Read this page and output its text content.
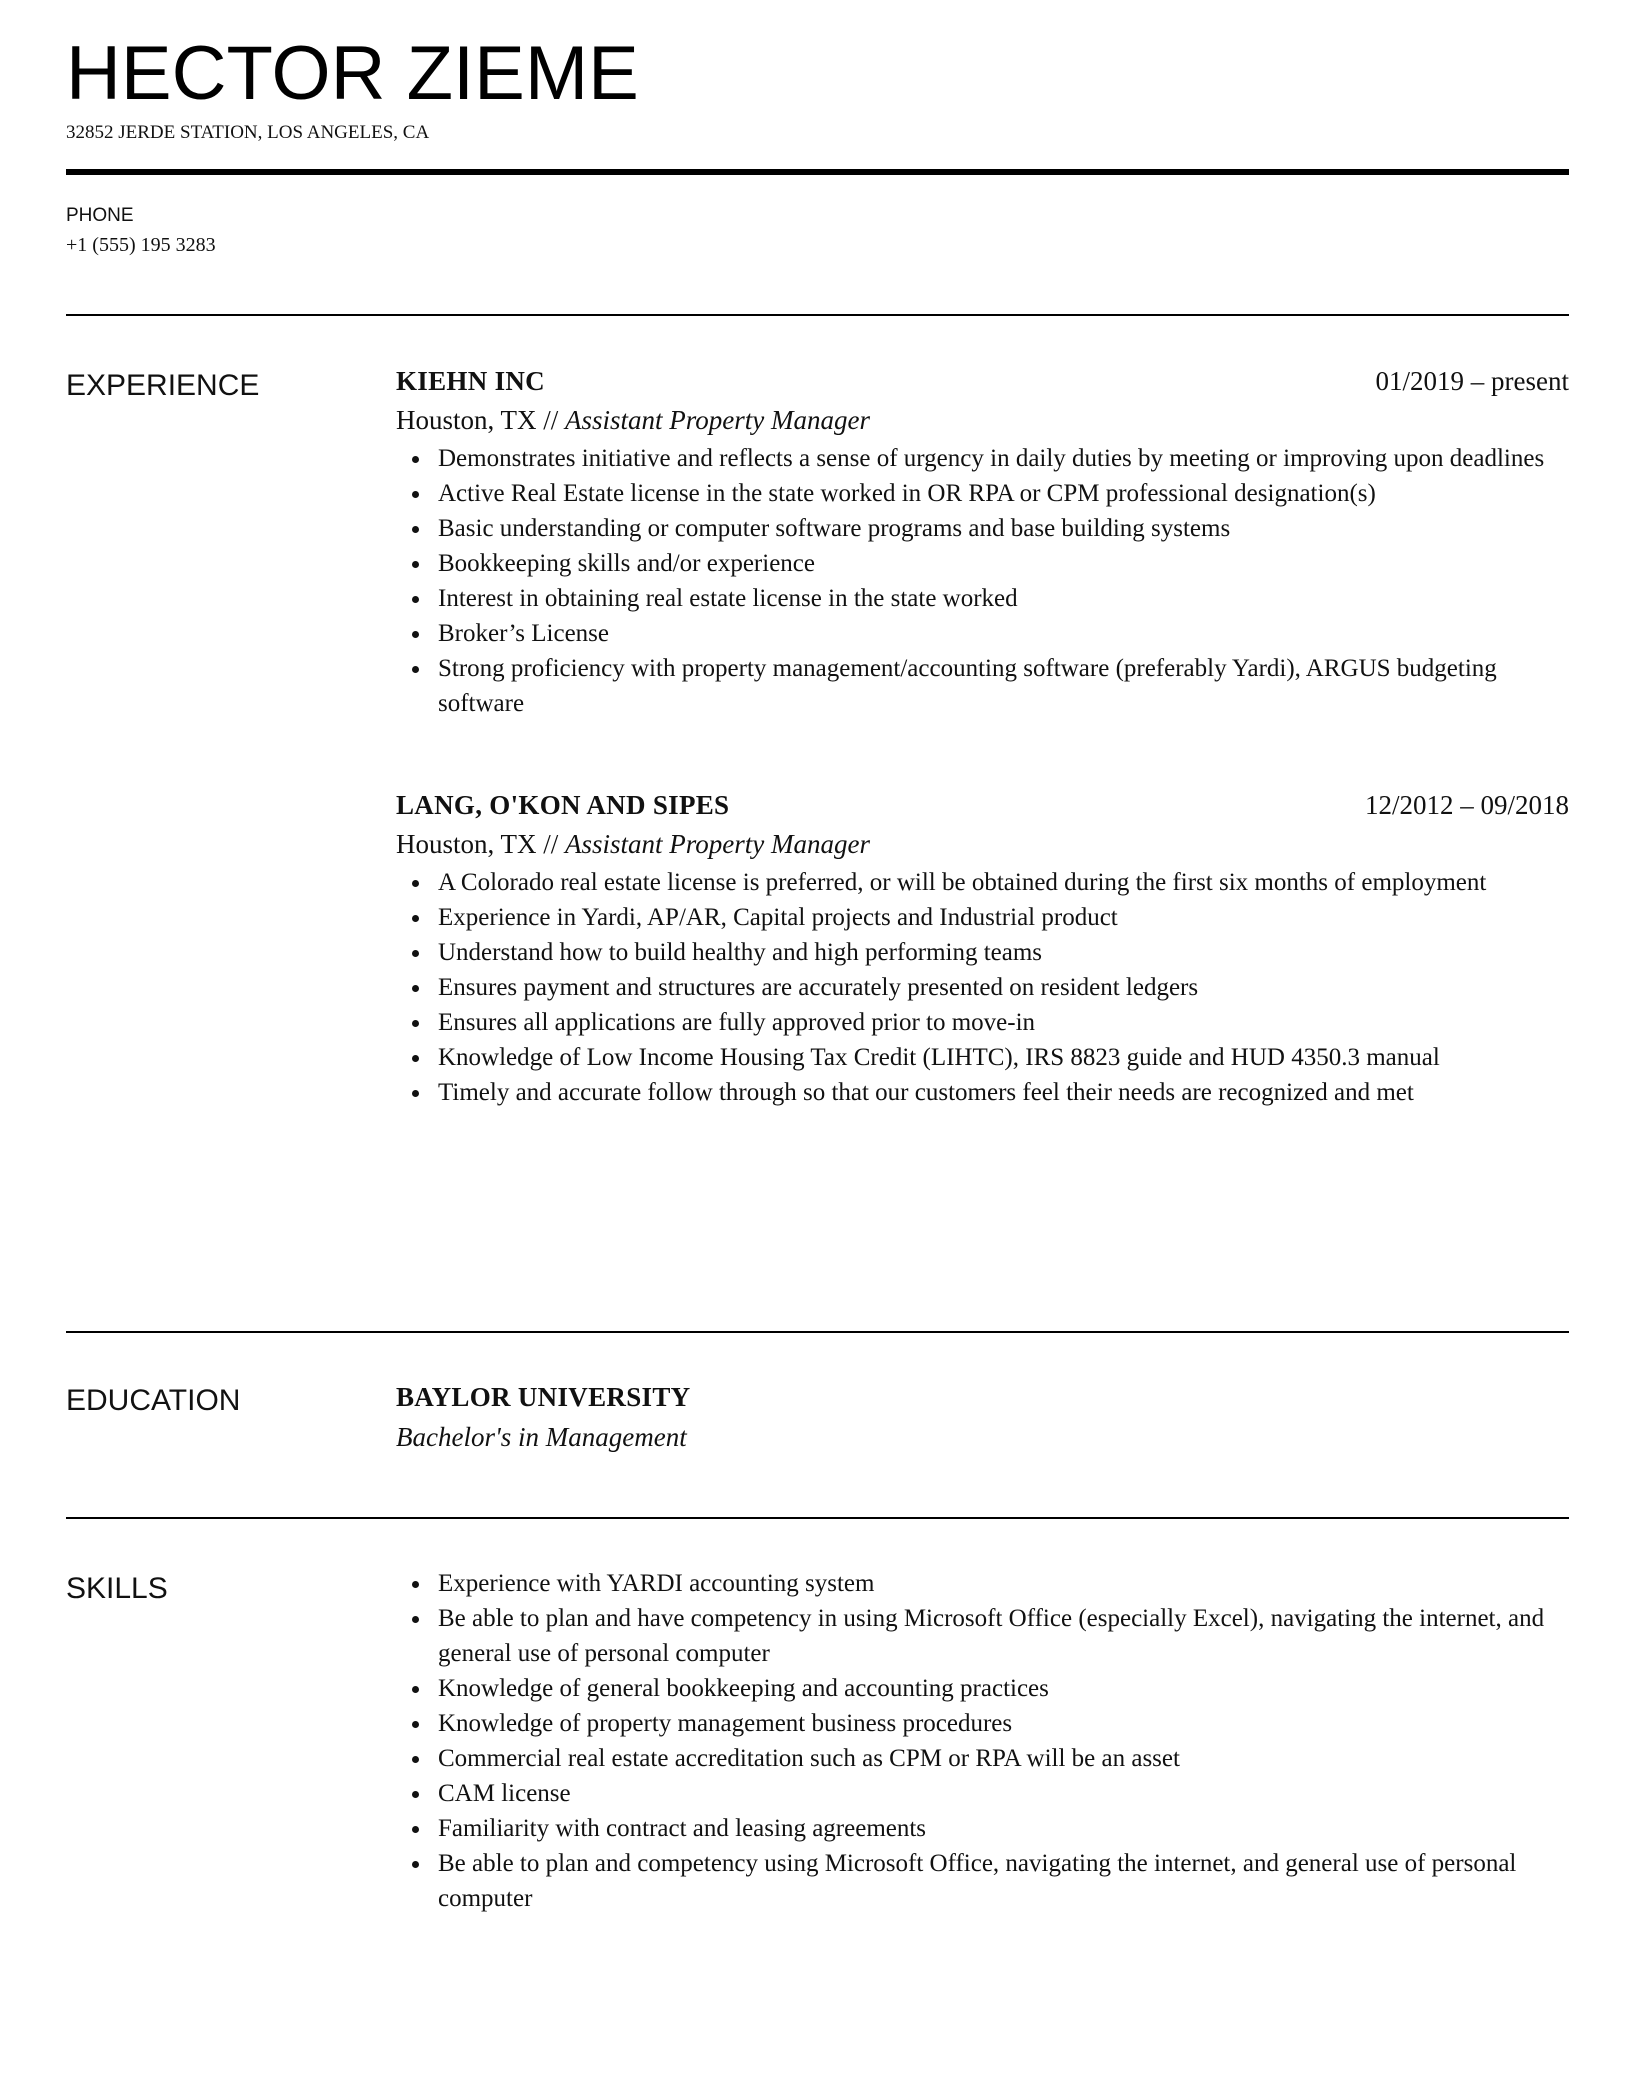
HECTOR ZIEME
32852 JERDE STATION, LOS ANGELES, CA
PHONE
+1 (555) 195 3283
EXPERIENCE	KIEHN INC	01/2019 – present
Houston, TX // Assistant Property Manager
Demonstrates initiative and reflects a sense of urgency in daily duties by meeting or improving upon deadlines
Active Real Estate license in the state worked in OR RPA or CPM professional designation(s)
Basic understanding or computer software programs and base building systems
Bookkeeping skills and/or experience
Interest in obtaining real estate license in the state worked
Broker’s License
Strong proficiency with property management/accounting software (preferably Yardi), ARGUS budgeting software
LANG, O'KON AND SIPES	12/2012 – 09/2018
Houston, TX // Assistant Property Manager
A Colorado real estate license is preferred, or will be obtained during the first six months of employment
Experience in Yardi, AP/AR, Capital projects and Industrial product
Understand how to build healthy and high performing teams
Ensures payment and structures are accurately presented on resident ledgers
Ensures all applications are fully approved prior to move-in
Knowledge of Low Income Housing Tax Credit (LIHTC), IRS 8823 guide and HUD 4350.3 manual
Timely and accurate follow through so that our customers feel their needs are recognized and met
EDUCATION	BAYLOR UNIVERSITY
Bachelor's in Management
SKILLS	Experience with YARDI accounting system
Be able to plan and have competency in using Microsoft Office (especially Excel), navigating the internet, and general use of personal computer
Knowledge of general bookkeeping and accounting practices
Knowledge of property management business procedures
Commercial real estate accreditation such as CPM or RPA will be an asset
CAM license
Familiarity with contract and leasing agreements
Be able to plan and competency using Microsoft Office, navigating the internet, and general use of personal computer
